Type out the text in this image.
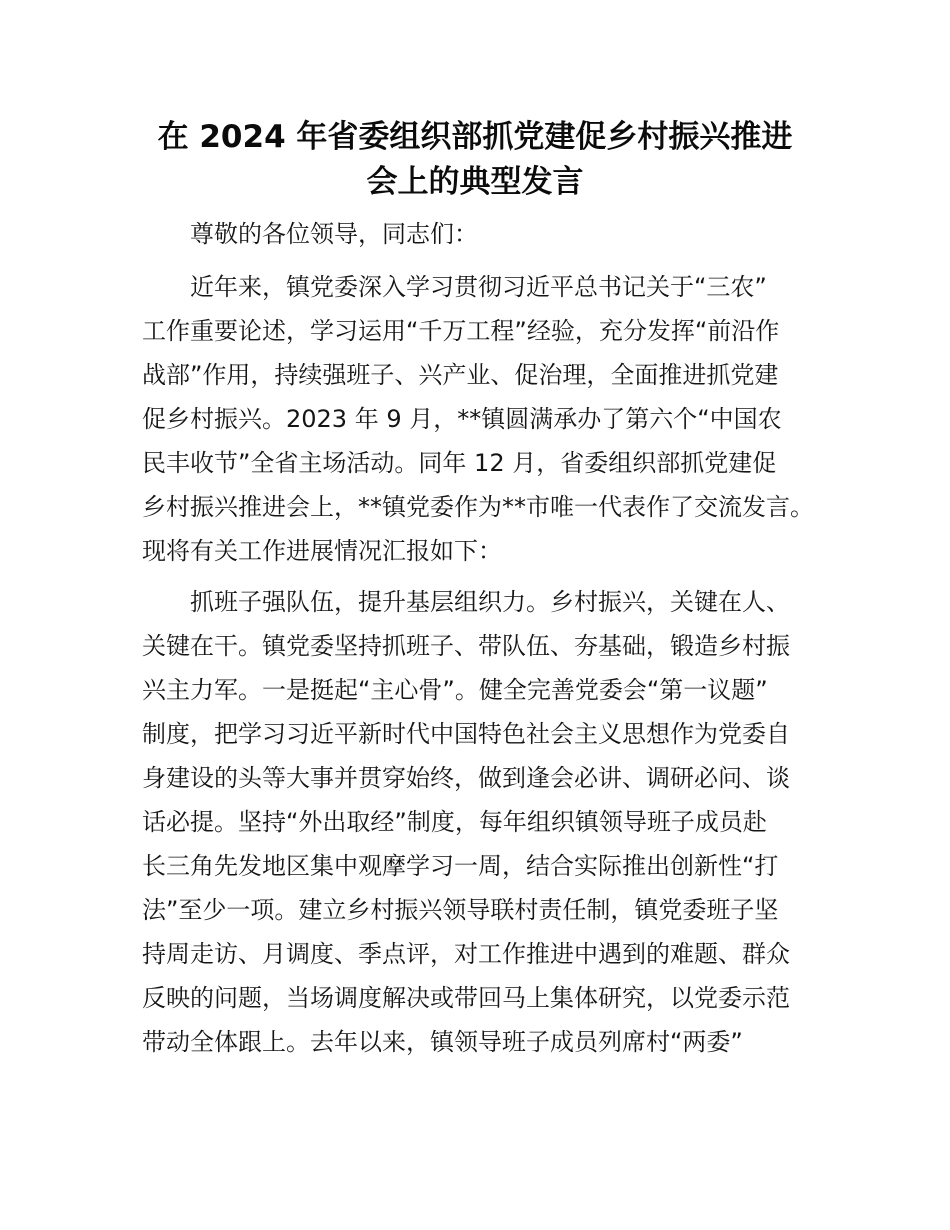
在 2024 年省委组织部抓党建促乡村振兴推进
会上的典型发言
尊敬的各位领导，同志们：
近年来，镇党委深入学习贯彻习近平总书记关于“三农”
工作重要论述，学习运用“千万工程”经验，充分发挥“前沿作
战部”作用，持续强班子、兴产业、促治理，全面推进抓党建
促乡村振兴。2023 年 9 月，**镇圆满承办了第六个“中国农
民丰收节”全省主场活动。同年 12 月，省委组织部抓党建促
乡村振兴推进会上，**镇党委作为**市唯一代表作了交流发言。
现将有关工作进展情况汇报如下：
抓班子强队伍，提升基层组织力。乡村振兴，关键在人、
关键在干。镇党委坚持抓班子、带队伍、夯基础，锻造乡村振
兴主力军。一是挺起“主心骨”。健全完善党委会“第一议题”
制度，把学习习近平新时代中国特色社会主义思想作为党委自
身建设的头等大事并贯穿始终，做到逢会必讲、调研必问、谈
话必提。坚持“外出取经”制度，每年组织镇领导班子成员赴
长三角先发地区集中观摩学习一周，结合实际推出创新性“打
法”至少一项。建立乡村振兴领导联村责任制，镇党委班子坚
持周走访、月调度、季点评，对工作推进中遇到的难题、群众
反映的问题，当场调度解决或带回马上集体研究，以党委示范
带动全体跟上。去年以来，镇领导班子成员列席村“两委”
